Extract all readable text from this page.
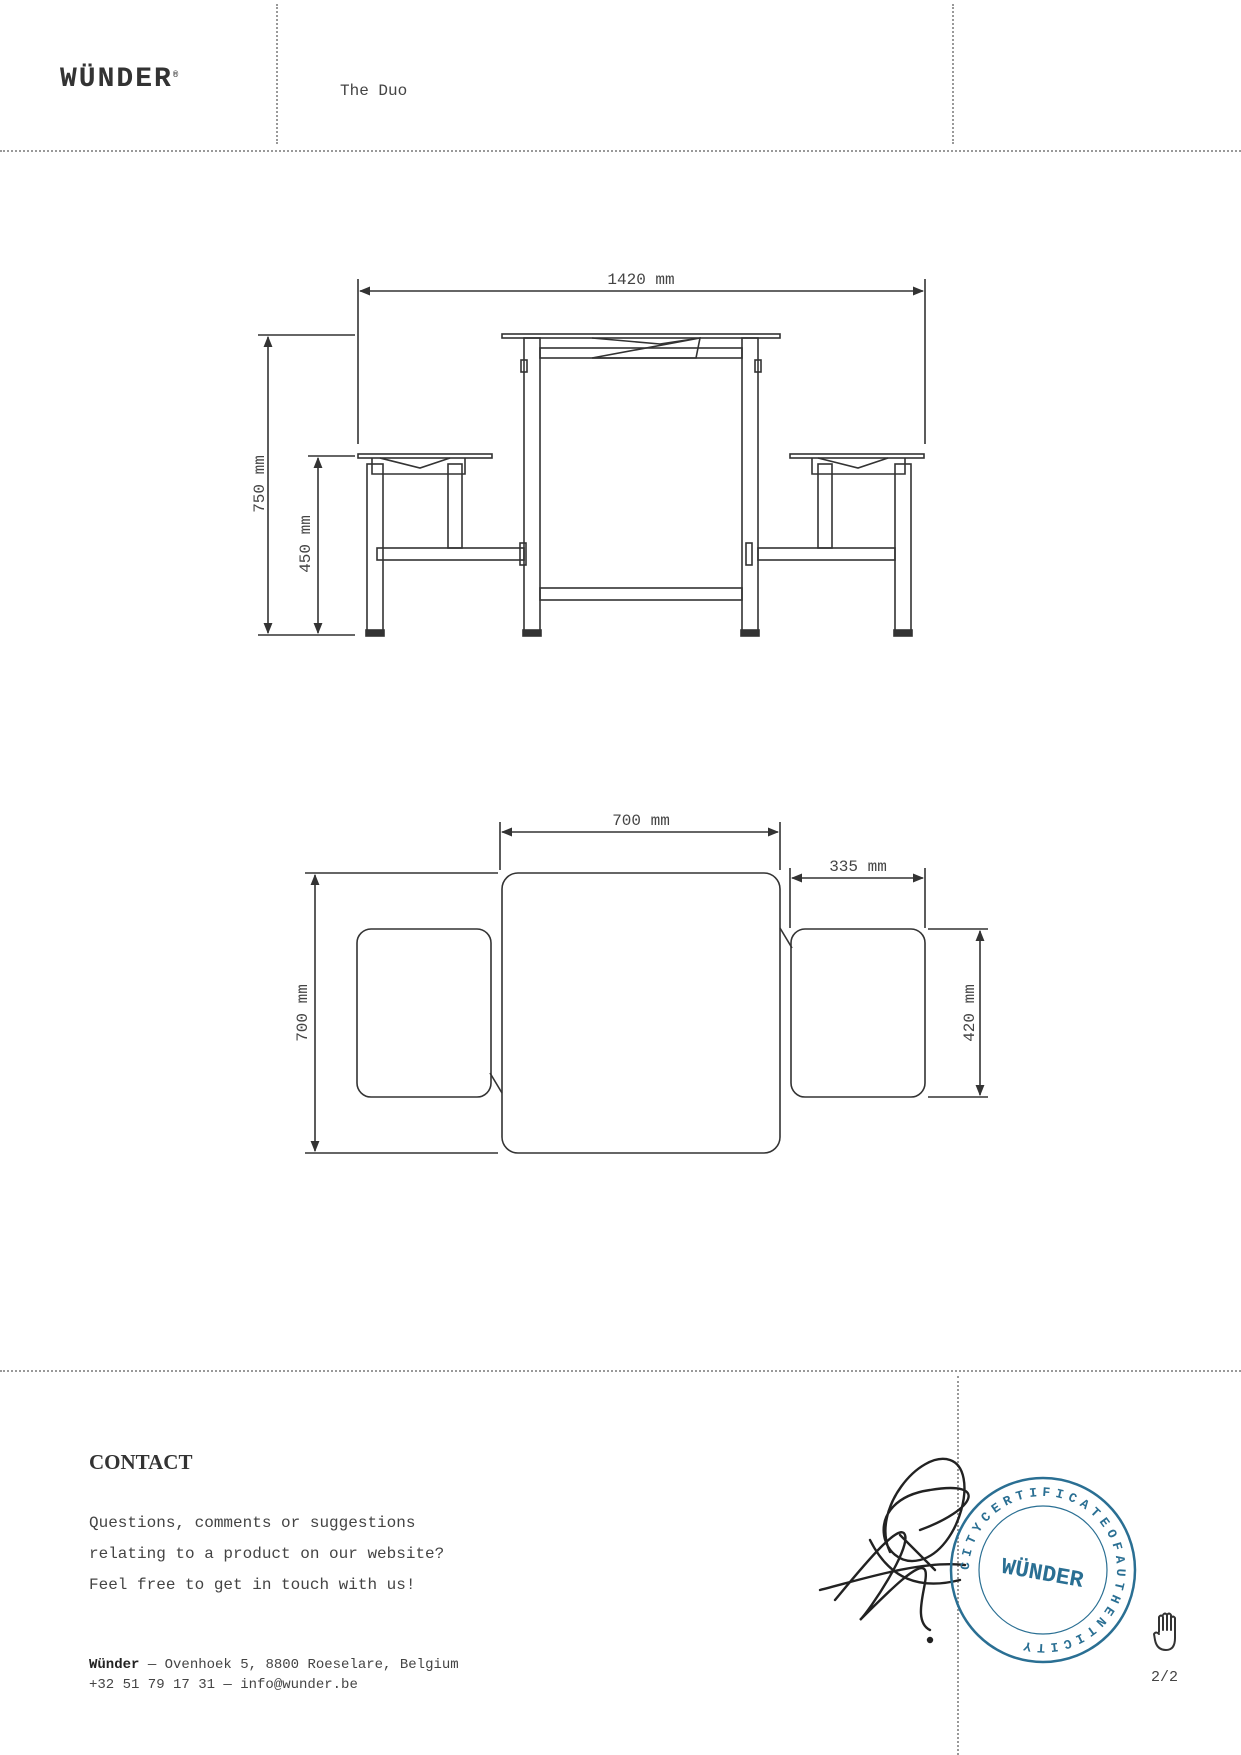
WÜNDER®
The Duo
1420 mm
750 mm
450 mm
700 mm
335 mm
700 mm	420 mm
CONTACT
Questions, comments or suggestions
relating to a product on our website?
Feel free to get in touch with us!
Wünder — Ovenhoek 5, 8800 Roeselare, Belgium
+32 51 79 17 31 — info@wunder.be
CITYCERTIFICATEOFAUTHENTICITY
WÜNDER
2/2
